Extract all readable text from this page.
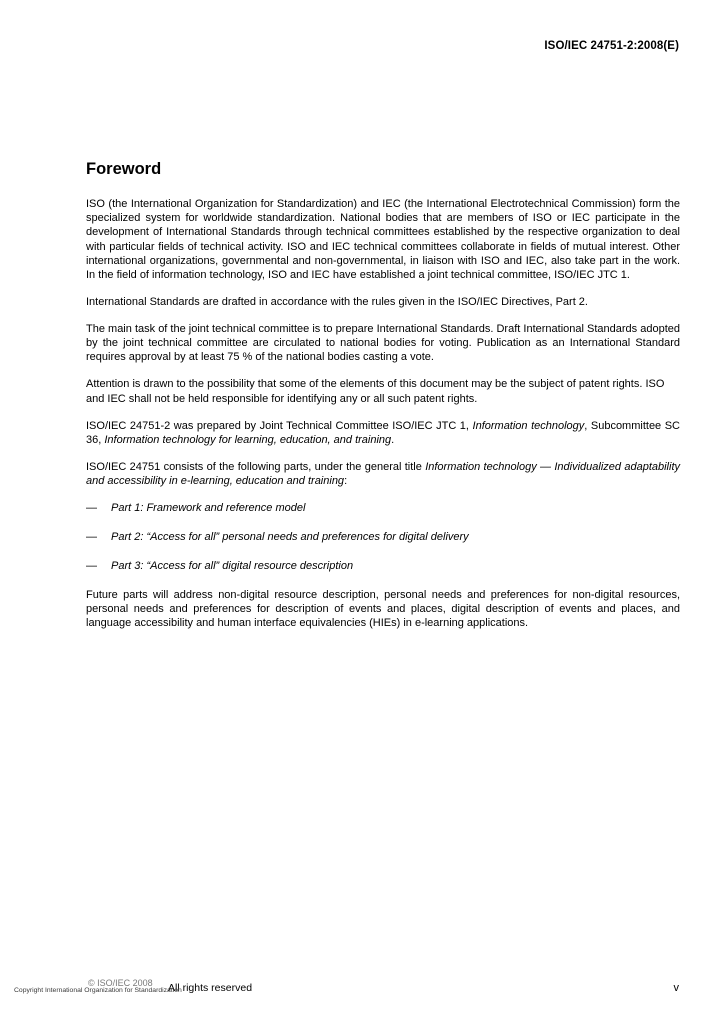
ISO/IEC 24751-2:2008(E)
Foreword

ISO (the International Organization for Standardization) and IEC (the International Electrotechnical Commission) form the specialized system for worldwide standardization. National bodies that are members of ISO or IEC participate in the development of International Standards through technical committees established by the respective organization to deal with particular fields of technical activity. ISO and IEC technical committees collaborate in fields of mutual interest. Other international organizations, governmental and non-governmental, in liaison with ISO and IEC, also take part in the work. In the field of information technology, ISO and IEC have established a joint technical committee, ISO/IEC JTC 1.

International Standards are drafted in accordance with the rules given in the ISO/IEC Directives, Part 2.

The main task of the joint technical committee is to prepare International Standards. Draft International Standards adopted by the joint technical committee are circulated to national bodies for voting. Publication as an International Standard requires approval by at least 75 % of the national bodies casting a vote.

Attention is drawn to the possibility that some of the elements of this document may be the subject of patent rights. ISO and IEC shall not be held responsible for identifying any or all such patent rights.

ISO/IEC 24751-2 was prepared by Joint Technical Committee ISO/IEC JTC 1, Information technology, Subcommittee SC 36, Information technology for learning, education, and training.

ISO/IEC 24751 consists of the following parts, under the general title Information technology — Individualized adaptability and accessibility in e-learning, education and training:

—	Part 1: Framework and reference model
—	Part 2: “Access for all” personal needs and preferences for digital delivery
—	Part 3: “Access for all” digital resource description

Future parts will address non-digital resource description, personal needs and preferences for non-digital resources, personal needs and preferences for description of events and places, digital description of events and places, and language accessibility and human interface equivalencies (HIEs) in e-learning applications.

© ISO/IEC 2008 All rights reserved
Copyright International Organization for Standardization	v
